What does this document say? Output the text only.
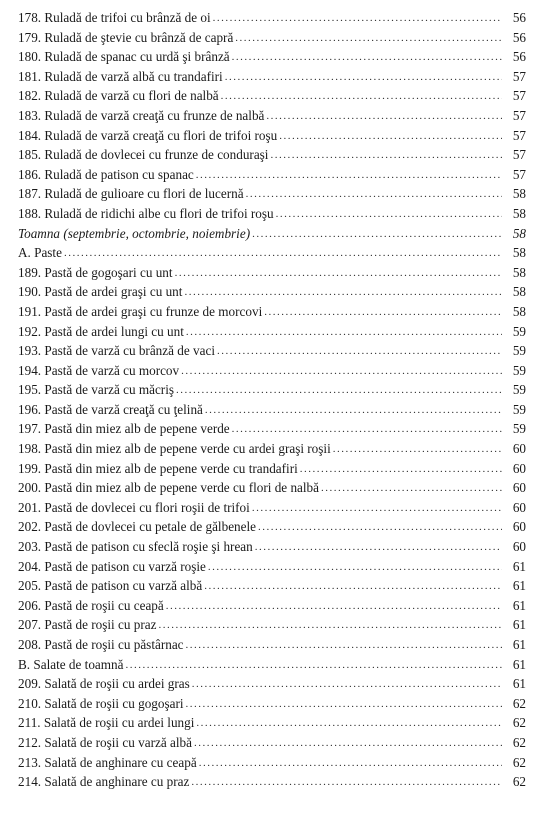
178. Ruladă de trifoi cu brânză de oi .....	56
179. Ruladă de ştevie cu brânză de capră .....	56
180. Ruladă de spanac cu urdă şi brânză .....	56
181. Ruladă de varză albă cu trandafiri .....	57
182. Ruladă de varză cu flori de nalbă .....	57
183. Ruladă de varză creaţă cu frunze de nalbă .....	57
184. Ruladă de varză creaţă cu flori de trifoi roşu .....	57
185. Ruladă de dovlecei cu frunze de conduraşi .....	57
186. Ruladă de patison cu spanac .....	57
187. Ruladă de gulioare cu flori de lucernă .....	58
188. Ruladă de ridichi albe cu flori de trifoi roşu .....	58
Toamna (septembrie, octombrie, noiembrie) .....	58
A. Paste .....	58
189. Pastă de gogoşari cu unt .....	58
190. Pastă de ardei graşi cu unt .....	58
191. Pastă de ardei graşi cu frunze de morcovi .....	58
192. Pastă de ardei lungi cu unt .....	59
193. Pastă de varză cu brânză de vaci .....	59
194. Pastă de varză cu morcov .....	59
195. Pastă de varză cu măcriş .....	59
196. Pastă de varză creaţă cu ţelină .....	59
197. Pastă din miez alb de pepene verde .....	59
198. Pastă din miez alb de pepene verde cu ardei graşi roşii .....	60
199. Pastă din miez alb de pepene verde cu trandafiri .....	60
200. Pastă din miez alb de pepene verde cu flori de nalbă .....	60
201. Pastă de dovlecei cu flori roşii de trifoi .....	60
202. Pastă de dovlecei cu petale de gălbenele .....	60
203. Pastă de patison cu sfeclă roşie şi hrean .....	60
204. Pastă de patison cu varză roşie .....	61
205. Pastă de patison cu varză albă .....	61
206. Pastă de roşii cu ceapă .....	61
207. Pastă de roşii cu praz .....	61
208. Pastă de roşii cu păstârnac .....	61
B. Salate de toamnă .....	61
209. Salată de roşii cu ardei gras .....	61
210. Salată de roşii cu gogoşari .....	62
211. Salată de roşii cu ardei lungi .....	62
212. Salată de roşii cu varză albă .....	62
213. Salată de anghinare cu ceapă .....	62
214. Salată de anghinare cu praz .....	62
